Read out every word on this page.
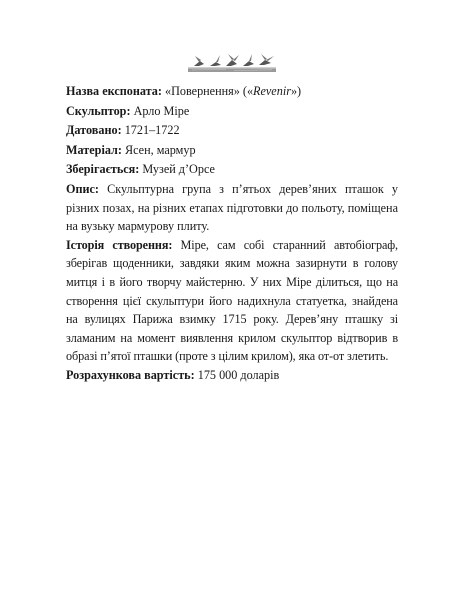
Назва експоната: «Повернення» («Revenir»)
Скульптор: Арло Міре
Датовано: 1721–1722
Матеріал: Ясен, мармур
Зберігається: Музей д’Орсе

Опис: Скульптурна група з п’ятьох дерев’яних пташок у різних позах, на різних етапах підготовки до польоту, поміщена на вузьку мармурову плиту.

Історія створення: Міре, сам собі старанний автобіограф, зберігав щоденники, завдяки яким можна зазирнути в голову митця і в його творчу майстерню. У них Міре ділиться, що на створення цієї скульптури його надихнула статуетка, знайдена на вулицях Парижа взимку 1715 року. Дерев’яну пташку зі зламаним на момент виявлення крилом скульптор відтворив в образі п’ятої пташки (проте з цілим крилом), яка от-от злетить.

Розрахункова вартість: 175 000 доларів
